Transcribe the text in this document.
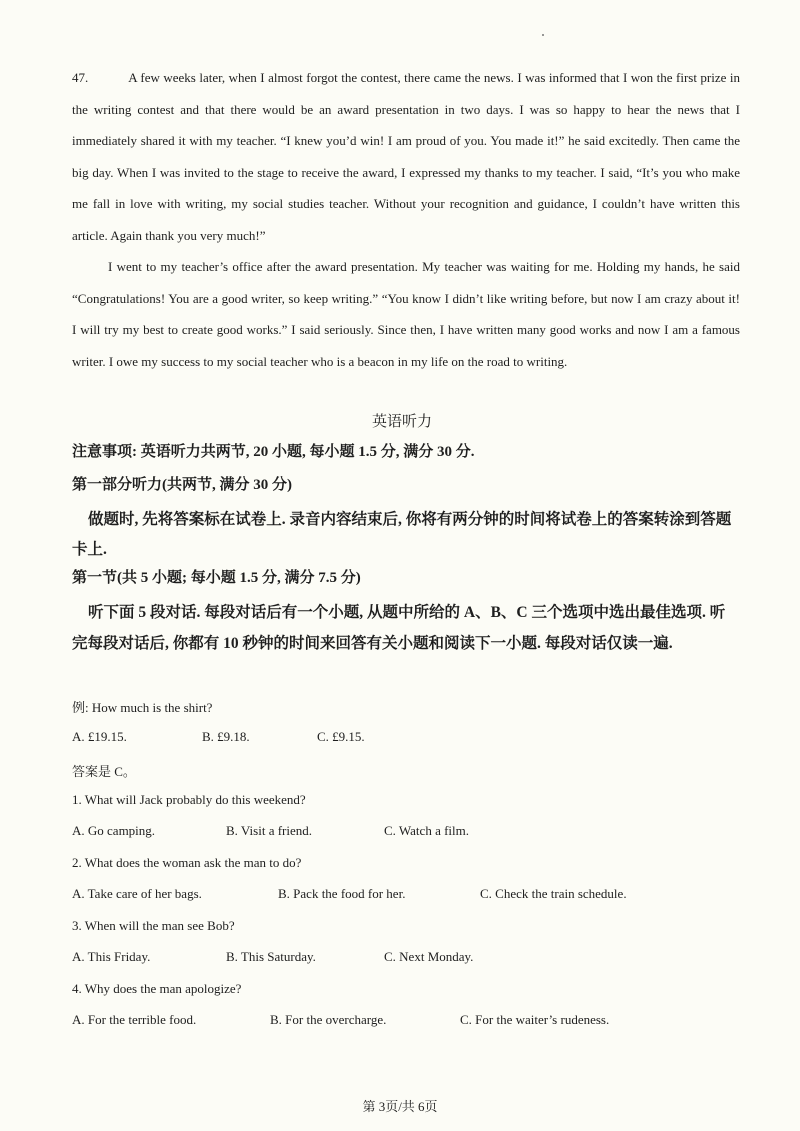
47.	A few weeks later, when I almost forgot the contest, there came the news. I was informed that I won the first prize in the writing contest and that there would be an award presentation in two days. I was so happy to hear the news that I immediately shared it with my teacher. “I knew you’d win! I am proud of you. You made it!” he said excitedly. Then came the big day. When I was invited to the stage to receive the award, I expressed my thanks to my teacher. I said, “It’s you who make me fall in love with writing, my social studies teacher. Without your recognition and guidance, I couldn’t have written this article. Again thank you very much!”

I went to my teacher’s office after the award presentation. My teacher was waiting for me. Holding my hands, he said “Congratulations! You are a good writer, so keep writing.” “You know I didn’t like writing before, but now I am crazy about it! I will try my best to create good works.” I said seriously. Since then, I have written many good works and now I am a famous writer. I owe my success to my social teacher who is a beacon in my life on the road to writing.

英语听力
注意事项: 英语听力共两节, 20 小题, 每小题 1.5 分, 满分 30 分.
第一部分听力(共两节, 满分 30 分)
做题时, 先将答案标在试卷上. 录音内容结束后, 你将有两分钟的时间将试卷上的答案转涂到答题卡上.
第一节(共 5 小题; 每小题 1.5 分, 满分 7.5 分)
听下面 5 段对话. 每段对话后有一个小题, 从题中所给的 A、B、C 三个选项中选出最佳选项. 听完每段对话后, 你都有 10 秒钟的时间来回答有关小题和阅读下一小题. 每段对话仅读一遍.
例: How much is the shirt?
A. £19.15.	B. £9.18.	C. £9.15.
答案是 C。
1. What will Jack probably do this weekend?
A. Go camping.	B. Visit a friend.	C. Watch a film.
2. What does the woman ask the man to do?
A. Take care of her bags.	B. Pack the food for her.	C. Check the train schedule.
3. When will the man see Bob?
A. This Friday.	B. This Saturday.	C. Next Monday.
4. Why does the man apologize?
A. For the terrible food.	B. For the overcharge.	C. For the waiter’s rudeness.
第 3页/共 6页
